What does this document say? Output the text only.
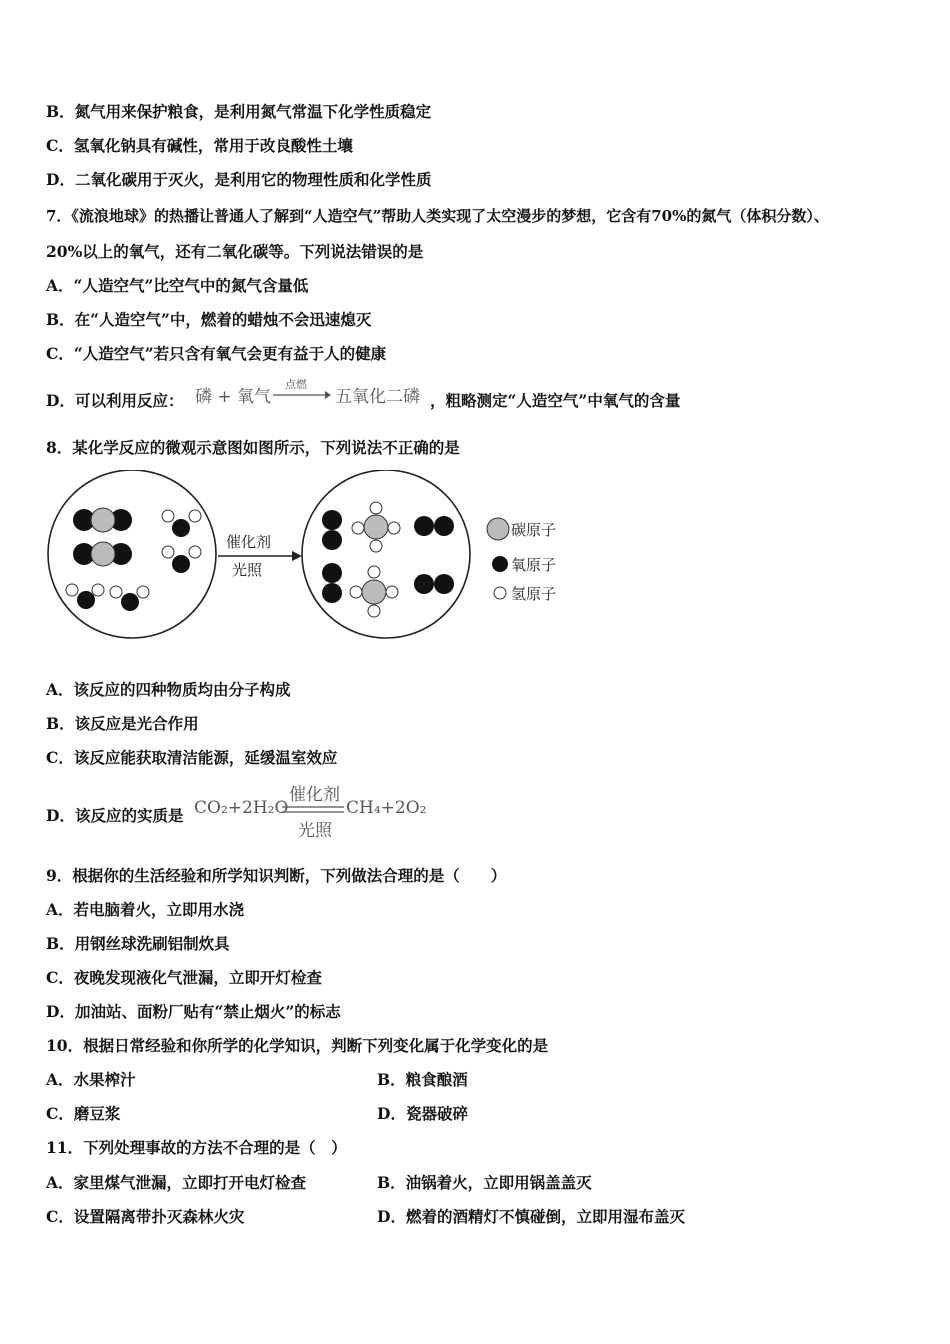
B．氮气用来保护粮食，是利用氮气常温下化学性质稳定
C．氢氧化钠具有碱性，常用于改良酸性土壤
D．二氧化碳用于灭火，是利用它的物理性质和化学性质
7．《流浪地球》的热播让普通人了解到“人造空气”帮助人类实现了太空漫步的梦想，它含有70%的氮气（体积分数）、
20%以上的氧气，还有二氧化碳等。下列说法错误的是
A．“人造空气”比空气中的氮气含量低
B．在“人造空气”中，燃着的蜡烛不会迅速熄灭
C．“人造空气”若只含有氧气会更有益于人的健康
D．可以利用反应： 磷 + 氧气
点燃
→ 五氧化二磷 ，粗略测定“人造空气”中氧气的含量
8．某化学反应的微观示意图如图所示，下列说法不正确的是
催化剂
光照
碳原子
氧原子
氢原子
A．该反应的四种物质均由分子构成
B．该反应是光合作用
C．该反应能获取清洁能源，延缓温室效应
D．该反应的实质是 CO₂+2H₂O
催化剂
光照
CH₄+2O₂
9．根据你的生活经验和所学知识判断，下列做法合理的是（　　）
A．若电脑着火，立即用水浇
B．用钢丝球洗刷铝制炊具
C．夜晚发现液化气泄漏，立即开灯检查
D．加油站、面粉厂贴有“禁止烟火”的标志
10．根据日常经验和你所学的化学知识，判断下列变化属于化学变化的是
A．水果榨汁	B．粮食酿酒
C．磨豆浆	D．瓷器破碎
11．下列处理事故的方法不合理的是（　）
A．家里煤气泄漏，立即打开电灯检查	B．油锅着火，立即用锅盖盖灭
C．设置隔离带扑灭森林火灾	D．燃着的酒精灯不慎碰倒，立即用湿布盖灭
